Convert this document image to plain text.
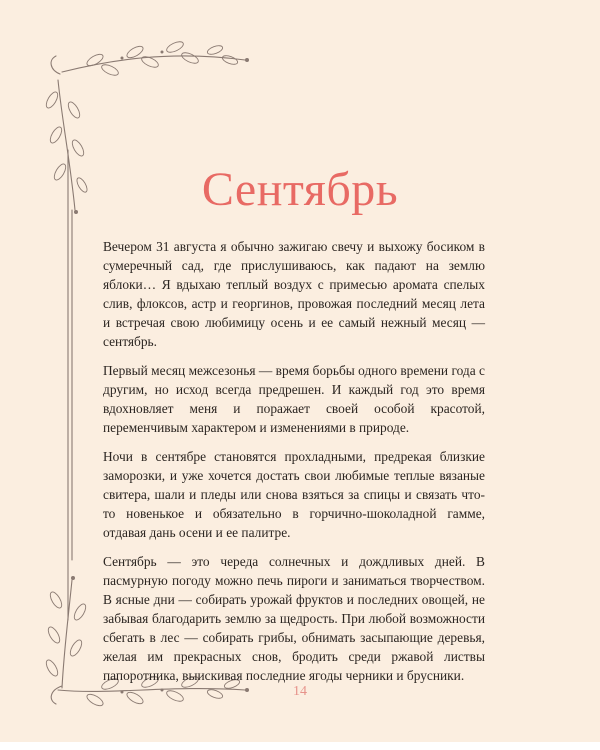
Сентябрь

Вечером 31 августа я обычно зажигаю свечу и выхожу босиком в сумеречный сад, где прислушиваюсь, как падают на землю яблоки… Я вдыхаю теплый воздух с примесью аромата спелых слив, флоксов, астр и георгинов, провожая последний месяц лета и встречая свою любимицу осень и ее самый нежный месяц — сентябрь.

Первый месяц межсезонья — время борьбы одного времени года с другим, но исход всегда предрешен. И каждый год это время вдохновляет меня и поражает своей особой красотой, переменчивым характером и изменениями в природе.

Ночи в сентябре становятся прохладными, предрекая близкие заморозки, и уже хочется достать свои любимые теплые вязаные свитера, шали и пледы или снова взяться за спицы и связать что-то новенькое и обязательно в горчично-шоколадной гамме, отдавая дань осени и ее палитре.

Сентябрь — это череда солнечных и дождливых дней. В пасмурную погоду можно печь пироги и заниматься творчеством. В ясные дни — собирать урожай фруктов и последних овощей, не забывая благодарить землю за щедрость. При любой возможности сбегать в лес — собирать грибы, обнимать засыпающие деревья, желая им прекрасных снов, бродить среди ржавой листвы папоротника, выискивая последние ягоды черники и брусники.

14
